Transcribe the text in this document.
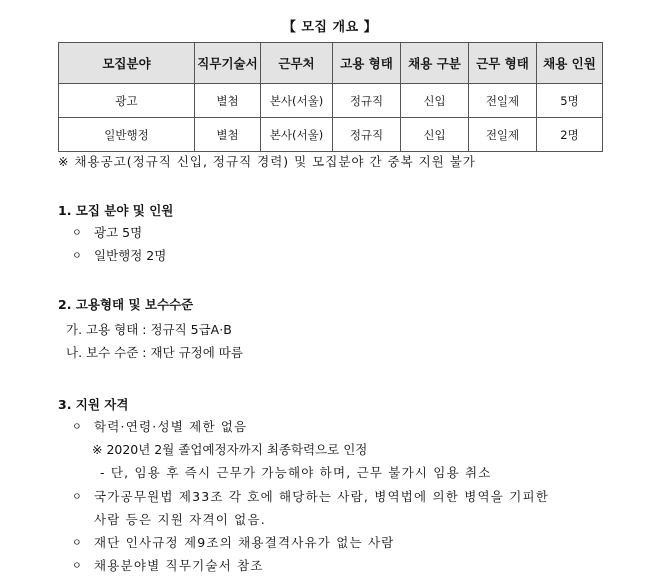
【 모집 개요 】
모집분야	직무기술서	근무처	고용 형태	채용 구분	근무 형태	채용 인원
광고	별첨	본사(서울)	정규직	신입	전일제	5명
일반행정	별첨	본사(서울)	정규직	신입	전일제	2명
※ 채용공고(정규직 신입, 정규직 경력) 및 모집분야 간 중복 지원 불가
1. 모집 분야 및 인원
ㅇ 광고 5명
ㅇ 일반행정 2명
2. 고용형태 및 보수수준
가. 고용 형태 : 정규직 5급A·B
나. 보수 수준 : 재단 규정에 따름
3. 지원 자격
ㅇ 학력·연령·성별 제한 없음
※ 2020년 2월 졸업예정자까지 최종학력으로 인정
- 단, 임용 후 즉시 근무가 가능해야 하며, 근무 불가시 임용 취소
ㅇ 국가공무원법 제33조 각 호에 해당하는 사람, 병역법에 의한 병역을 기피한
사람 등은 지원 자격이 없음.
ㅇ 재단 인사규정 제9조의 채용결격사유가 없는 사람
ㅇ 채용분야별 직무기술서 참조
